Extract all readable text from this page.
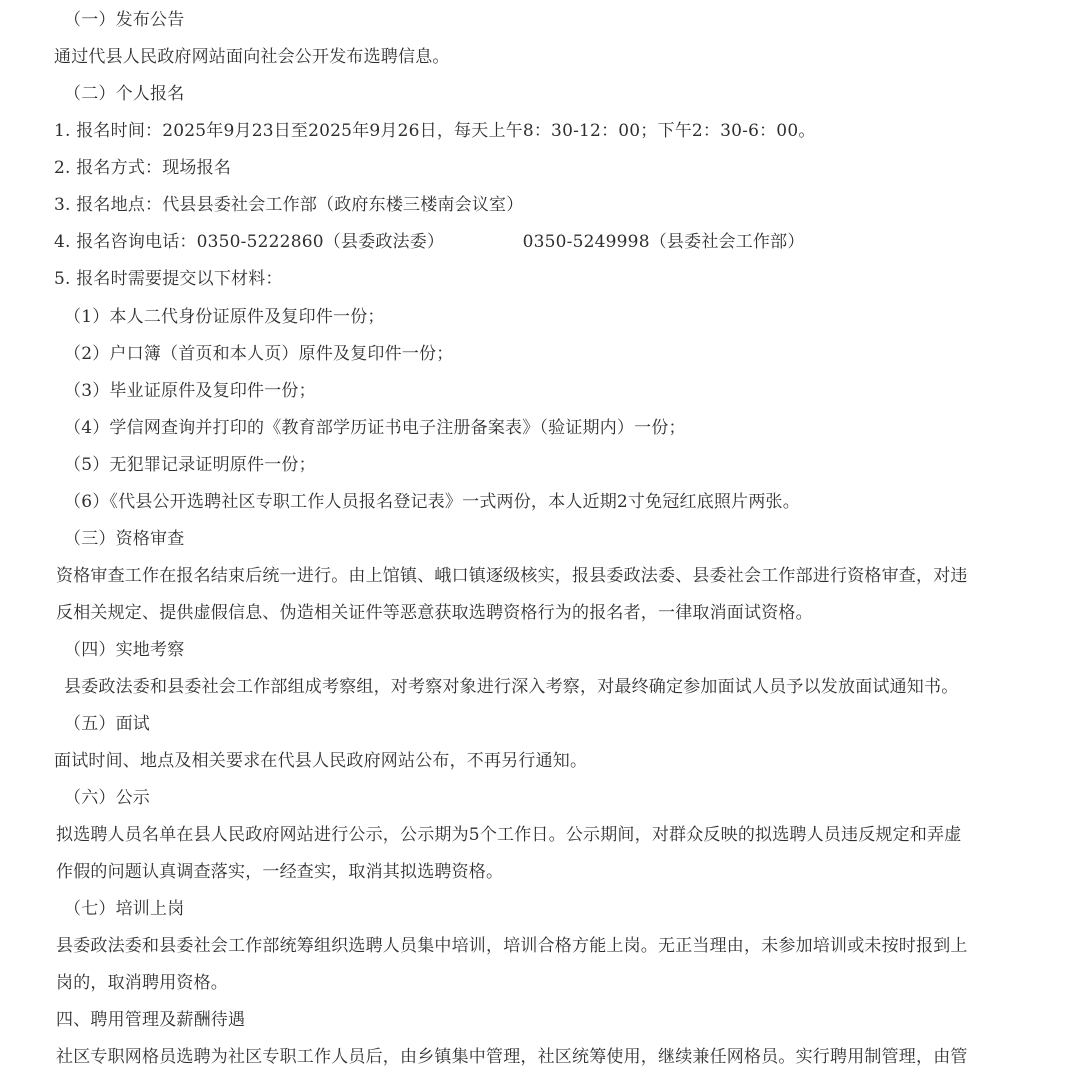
（一）发布公告
通过代县人民政府网站面向社会公开发布选聘信息。
（二）个人报名
1. 报名时间：2025年9月23日至2025年9月26日，每天上午8：30-12：00；下午2：30-6：00。
2. 报名方式：现场报名
3. 报名地点：代县县委社会工作部（政府东楼三楼南会议室）
4. 报名咨询电话：0350-5222860（县委政法委）              0350-5249998（县委社会工作部）
5. 报名时需要提交以下材料：
（1）本人二代身份证原件及复印件一份；
（2）户口簿（首页和本人页）原件及复印件一份；
（3）毕业证原件及复印件一份；
（4）学信网查询并打印的《教育部学历证书电子注册备案表》（验证期内）一份；
（5）无犯罪记录证明原件一份；
（6）《代县公开选聘社区专职工作人员报名登记表》一式两份，本人近期2寸免冠红底照片两张。
（三）资格审查
资格审查工作在报名结束后统一进行。由上馆镇、峨口镇逐级核实，报县委政法委、县委社会工作部进行资格审查，对违
反相关规定、提供虚假信息、伪造相关证件等恶意获取选聘资格行为的报名者，一律取消面试资格。
（四）实地考察
县委政法委和县委社会工作部组成考察组，对考察对象进行深入考察，对最终确定参加面试人员予以发放面试通知书。
（五）面试
面试时间、地点及相关要求在代县人民政府网站公布，不再另行通知。
（六）公示
拟选聘人员名单在县人民政府网站进行公示，公示期为5个工作日。公示期间，对群众反映的拟选聘人员违反规定和弄虚
作假的问题认真调查落实，一经查实，取消其拟选聘资格。
（七）培训上岗
县委政法委和县委社会工作部统筹组织选聘人员集中培训，培训合格方能上岗。无正当理由，未参加培训或未按时报到上
岗的，取消聘用资格。
四、聘用管理及薪酬待遇
社区专职网格员选聘为社区专职工作人员后，由乡镇集中管理，社区统筹使用，继续兼任网格员。实行聘用制管理，由管
